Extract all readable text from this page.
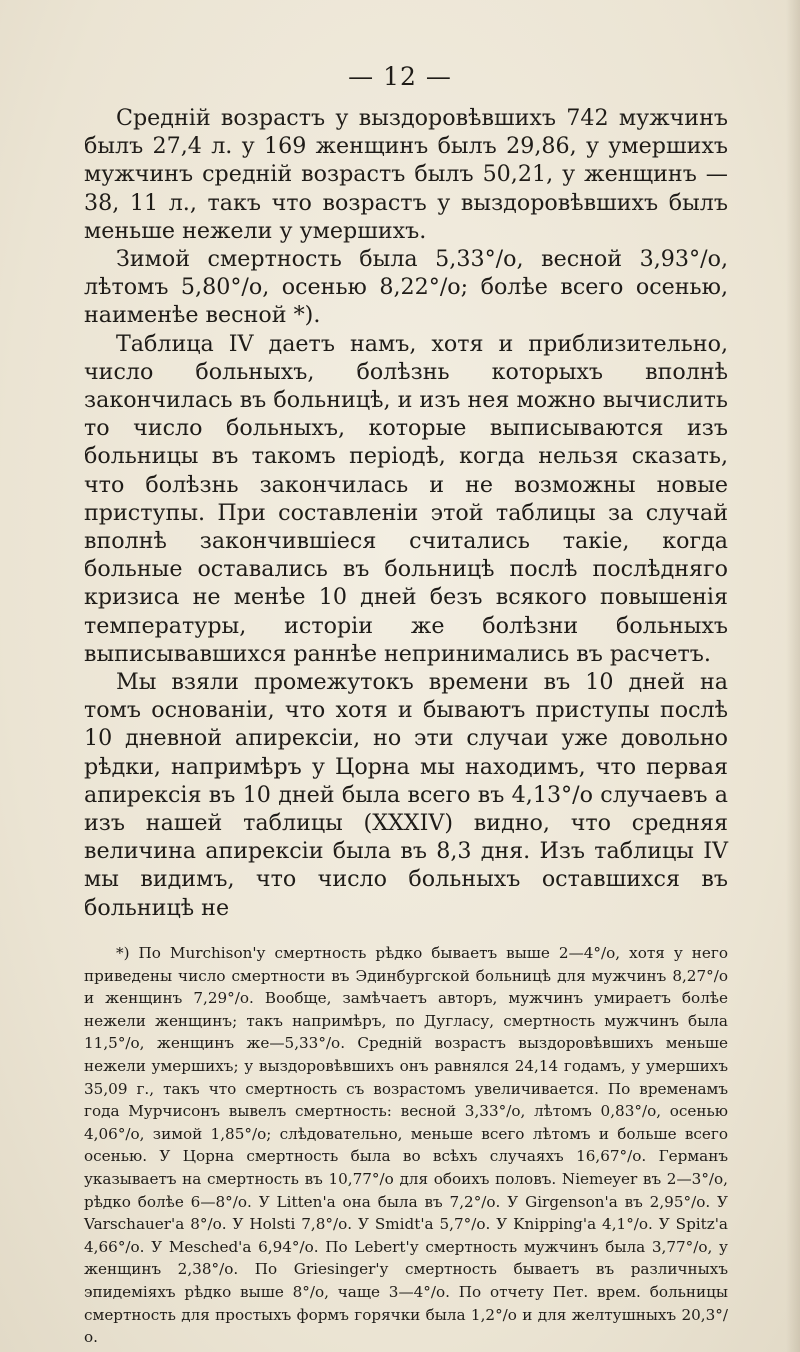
— 12 —

Среднiй возрастъ у выздоровѣвшихъ 742 мужчинъ былъ 27,4 л. у 169 женщинъ былъ 29,86, у умершихъ мужчинъ среднiй возрастъ былъ 50,21, у женщинъ — 38, 11 л., такъ что возрастъ у выздоровѣвшихъ былъ меньше нежели у умершихъ.

Зимой смертность была 5,33°/о, весной 3,93°/о, лѣтомъ 5,80°/о, осенью 8,22°/о; болѣе всего осенью, наименѣе весной *).

Таблица IV даетъ намъ, хотя и приблизительно, число больныхъ, болѣзнь которыхъ вполнѣ закончилась въ больницѣ, и изъ нея можно вычислить то число больныхъ, которые выписываются изъ больницы въ такомъ перiодѣ, когда нельзя сказать, что болѣзнь закончилась и не возможны новые приступы. При составленiи этой таблицы за случай вполнѣ закончившiеся считались такiе, когда больные оставались въ больницѣ послѣ послѣдняго кризиса не менѣе 10 дней безъ всякого повышенiя температуры, исторiи же болѣзни больныхъ выписывавшихся раннѣе непринимались въ расчетъ.

Мы взяли промежутокъ времени въ 10 дней на томъ основанiи, что хотя и бываютъ приступы послѣ 10 дневной апирексiи, но эти случаи уже довольно рѣдки, напримѣръ у Цорна мы находимъ, что первая апирексiя въ 10 дней была всего въ 4,13°/о случаевъ а изъ нашей таблицы (XXXIV) видно, что средняя величина апирексiи была въ 8,3 дня. Изъ таблицы IV мы видимъ, что число больныхъ оставшихся въ больницѣ не

*) По Murchison'у смертность рѣдко бываетъ выше 2—4°/о, хотя у него приведены число смертности въ Эдинбургской больницѣ для мужчинъ 8,27°/о и женщинъ 7,29°/о. Вообще, замѣчаетъ авторъ, мужчинъ умираетъ болѣе нежели женщинъ; такъ напримѣръ, по Дугласу, смертность мужчинъ была 11,5°/о, женщинъ же—5,33°/о. Среднiй возрастъ выздоровѣвшихъ меньше нежели умершихъ; у выздоровѣвшихъ онъ равнялся 24,14 годамъ, у умершихъ 35,09 г., такъ что смертность съ возрастомъ увеличивается. По временамъ года Мурчисонъ вывелъ смертность: весной 3,33°/о, лѣтомъ 0,83°/о, осенью 4,06°/о, зимой 1,85°/о; слѣдовательно, меньше всего лѣтомъ и больше всего осенью. У Цорна смертность была во всѣхъ случаяхъ 16,67°/о. Германъ указываетъ на смертность въ 10,77°/о для обоихъ половъ. Niemeyer въ 2—3°/о, рѣдко болѣе 6—8°/о. У Litten'а она была въ 7,2°/о. У Girgenson'а въ 2,95°/о. У Varschauer'а 8°/о. У Holsti 7,8°/о. У Smidt'а 5,7°/о. У Knipping'а 4,1°/о. У Spitz'а 4,66°/о. У Mesched'а 6,94°/о. По Lebert'у смертность мужчинъ была 3,77°/о, у женщинъ 2,38°/о. По Griesinger'у смертность бываетъ въ различныхъ эпидемiяхъ рѣдко выше 8°/о, чаще 3—4°/о. По отчету Пет. врем. больницы смертность для простыхъ формъ горячки была 1,2°/о и для желтушныхъ 20,3°/о.
